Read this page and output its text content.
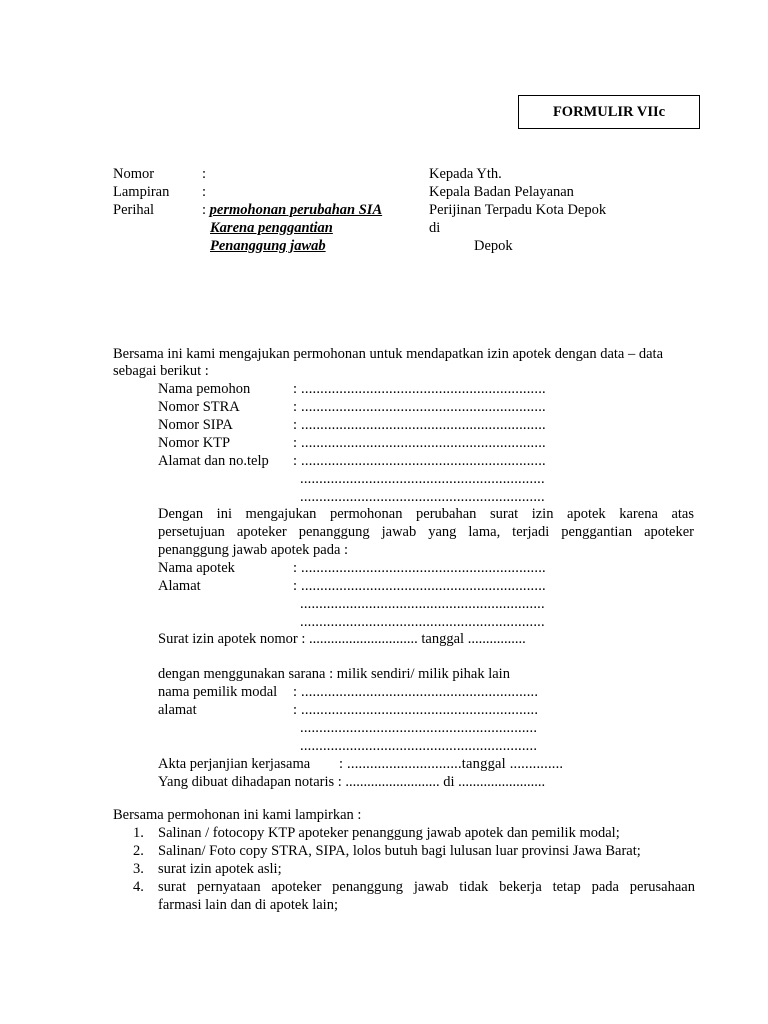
FORMULIR VIIc
Nomor	:
Lampiran :
Perihal	: permohonan perubahan SIA
Karena penggantian
Penanggung jawab
Kepada Yth.
Kepala Badan Pelayanan
Perijinan Terpadu Kota Depok
di
Depok
Bersama ini kami mengajukan permohonan untuk mendapatkan izin apotek dengan data – data
sebagai berikut :
Nama pemohon	: ................................................................
Nomor STRA	: ................................................................
Nomor SIPA	: ................................................................
Nomor KTP	: ................................................................
Alamat dan no.telp : ................................................................
................................................................
................................................................
Dengan ini mengajukan permohonan perubahan surat izin apotek karena atas
persetujuan apoteker penanggung jawab yang lama, terjadi penggantian apoteker
penanggung jawab apotek pada :
Nama apotek	: ................................................................
Alamat	: ................................................................
................................................................
................................................................
Surat izin apotek nomor : .............................. tanggal ................
dengan menggunakan sarana : milik sendiri/ milik pihak lain
nama pemilik modal : ..............................................................
alamat	: ..............................................................
..............................................................
..............................................................
Akta perjanjian kerjasama : ..............................tanggal ..............
Yang dibuat dihadapan notaris : .......................... di ........................
Bersama permohonan ini kami lampirkan :
1. Salinan / fotocopy KTP apoteker penanggung jawab apotek dan pemilik modal;
2. Salinan/ Foto copy STRA, SIPA, lolos butuh bagi lulusan luar provinsi Jawa Barat;
3. surat izin apotek asli;
4. surat pernyataan apoteker penanggung jawab tidak bekerja tetap pada perusahaan
farmasi lain dan di apotek lain;
